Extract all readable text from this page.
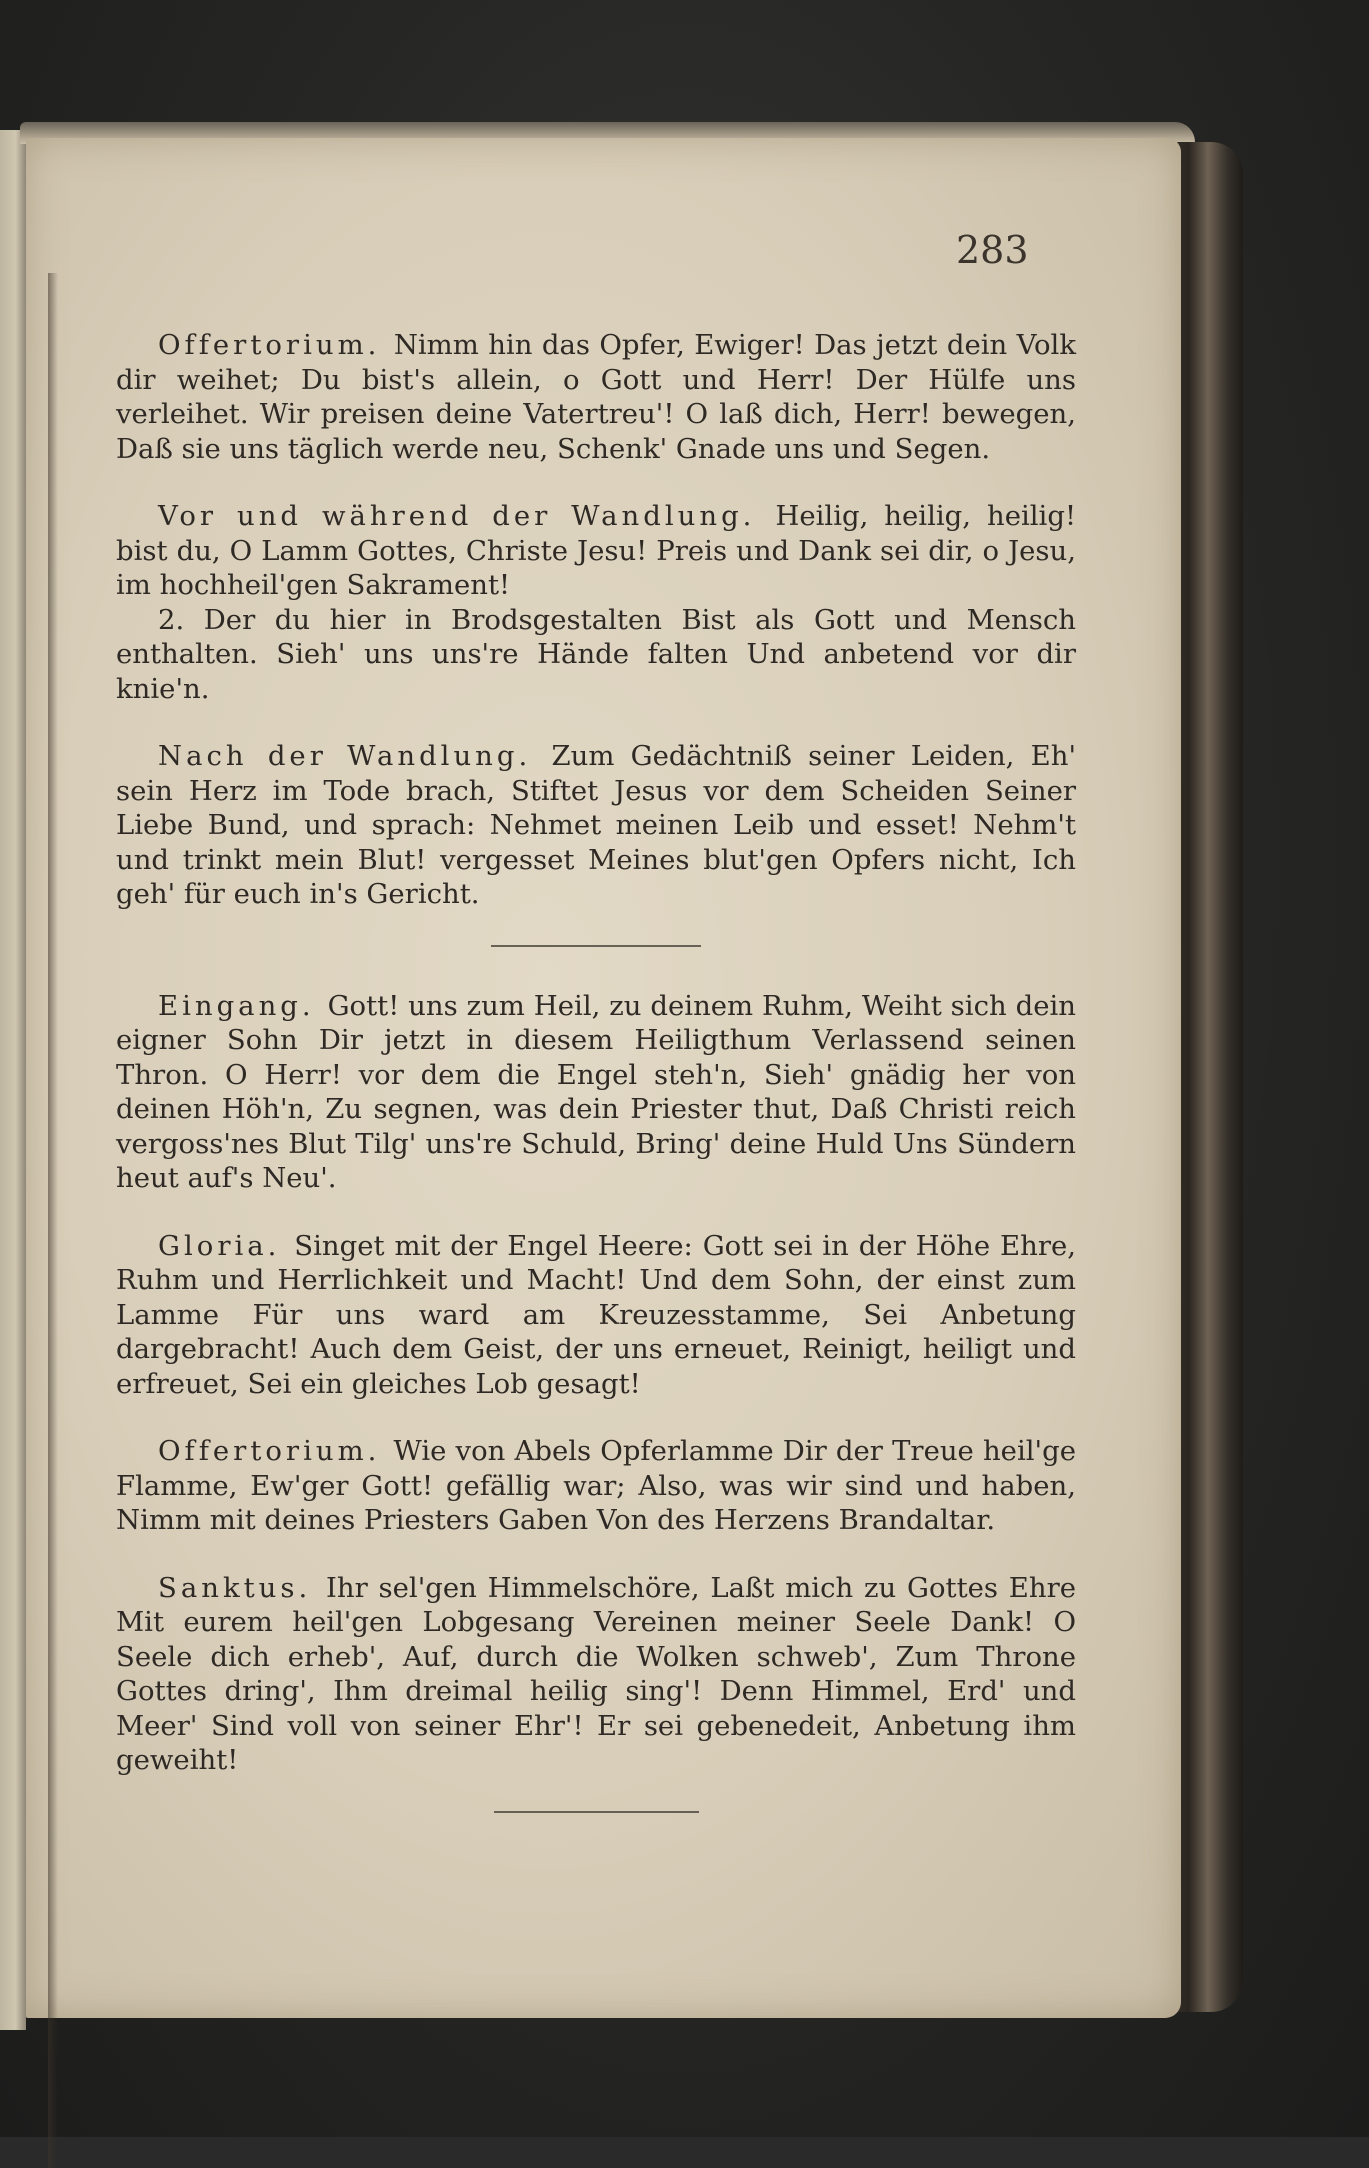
283

Offertorium. Nimm hin das Opfer, Ewiger! Das jetzt dein Volk dir weihet; Du bist's allein, o Gott und Herr! Der Hülfe uns verleihet. Wir preisen deine Vatertreu'! O laß dich, Herr! bewegen, Daß sie uns täglich werde neu, Schenk' Gnade uns und Segen.

Vor und während der Wandlung. Heilig, heilig, heilig! bist du, O Lamm Gottes, Christe Jesu! Preis und Dank sei dir, o Jesu, im hochheil'gen Sakrament!

2. Der du hier in Brodsgestalten Bist als Gott und Mensch enthalten. Sieh' uns uns're Hände falten Und anbetend vor dir knie'n.

Nach der Wandlung. Zum Gedächtniß seiner Leiden, Eh' sein Herz im Tode brach, Stiftet Jesus vor dem Scheiden Seiner Liebe Bund, und sprach: Nehmet meinen Leib und esset! Nehm't und trinkt mein Blut! vergesset Meines blut'gen Opfers nicht, Ich geh' für euch in's Gericht.

Eingang. Gott! uns zum Heil, zu deinem Ruhm, Weiht sich dein eigner Sohn Dir jetzt in diesem Heiligthum Verlassend seinen Thron. O Herr! vor dem die Engel steh'n, Sieh' gnädig her von deinen Höh'n, Zu segnen, was dein Priester thut, Daß Christi reich vergoss'nes Blut Tilg' uns're Schuld, Bring' deine Huld Uns Sündern heut auf's Neu'.

Gloria. Singet mit der Engel Heere: Gott sei in der Höhe Ehre, Ruhm und Herrlichkeit und Macht! Und dem Sohn, der einst zum Lamme Für uns ward am Kreuzesstamme, Sei Anbetung dargebracht! Auch dem Geist, der uns erneuet, Reinigt, heiligt und erfreuet, Sei ein gleiches Lob gesagt!

Offertorium. Wie von Abels Opferlamme Dir der Treue heil'ge Flamme, Ew'ger Gott! gefällig war; Also, was wir sind und haben, Nimm mit deines Priesters Gaben Von des Herzens Brandaltar.

Sanktus. Ihr sel'gen Himmelschöre, Laßt mich zu Gottes Ehre Mit eurem heil'gen Lobgesang Vereinen meiner Seele Dank! O Seele dich erheb', Auf, durch die Wolken schweb', Zum Throne Gottes dring', Ihm dreimal heilig sing'! Denn Himmel, Erd' und Meer' Sind voll von seiner Ehr'! Er sei gebenedeit, Anbetung ihm geweiht!
